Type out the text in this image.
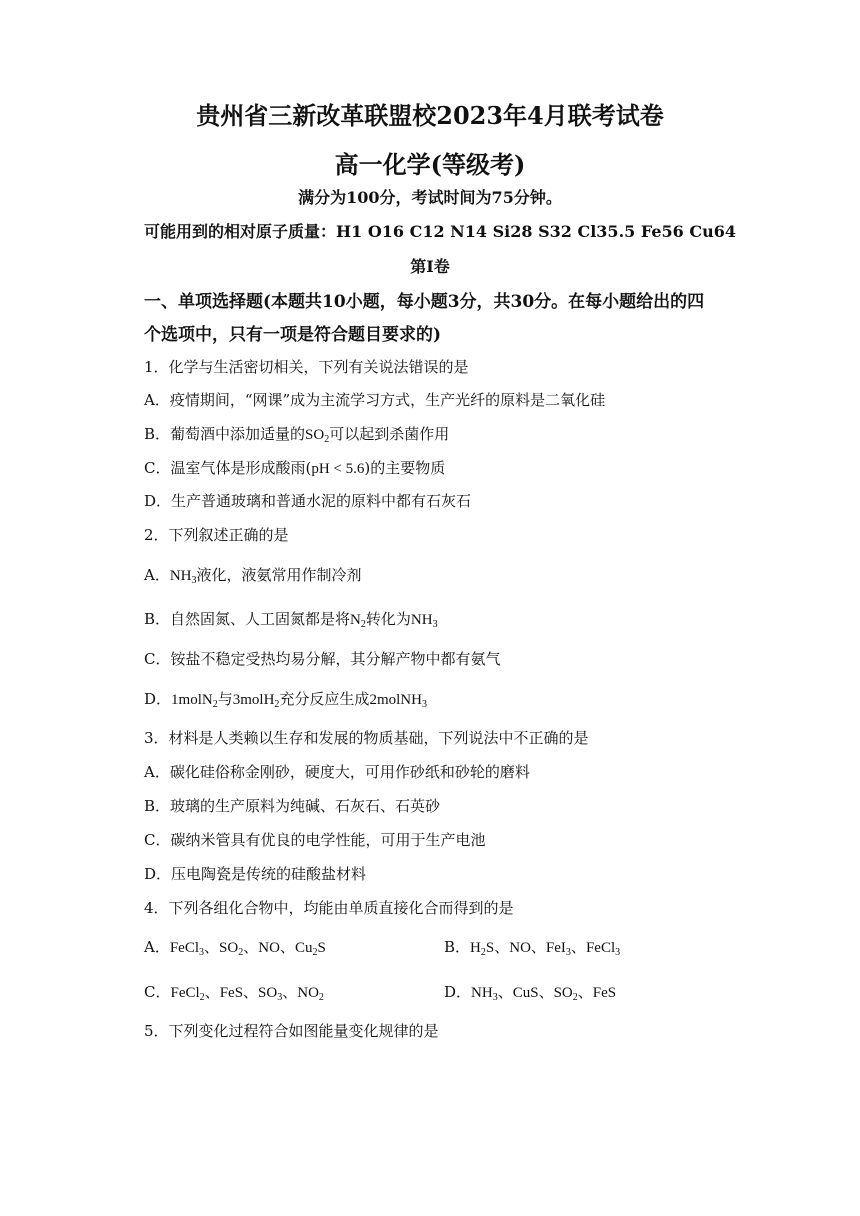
贵州省三新改革联盟校2023年4月联考试卷
高一化学(等级考)
满分为100分，考试时间为75分钟。
可能用到的相对原子质量：H1 O16 C12 N14 Si28 S32 Cl35.5 Fe56 Cu64
第I卷
一、单项选择题(本题共10小题，每小题3分，共30分。在每小题给出的四
个选项中，只有一项是符合题目要求的)
1．化学与生活密切相关，下列有关说法错误的是
A．疫情期间，“网课”成为主流学习方式，生产光纤的原料是二氧化硅
B．葡萄酒中添加适量的$SO_2$可以起到杀菌作用
C．温室气体是形成酸雨(pH < 5.6)的主要物质
D．生产普通玻璃和普通水泥的原料中都有石灰石
2．下列叙述正确的是
A．$NH_3$液化，液氨常用作制冷剂
B．自然固氮、人工固氮都是将$N_2$转化为$NH_3$
C．铵盐不稳定受热均易分解，其分解产物中都有氨气
D．1molN$_2$与3molH$_2$充分反应生成2molNH$_3$
3．材料是人类赖以生存和发展的物质基础，下列说法中不正确的是
A．碳化硅俗称金刚砂，硬度大，可用作砂纸和砂轮的磨料
B．玻璃的生产原料为纯碱、石灰石、石英砂
C．碳纳米管具有优良的电学性能，可用于生产电池
D．压电陶瓷是传统的硅酸盐材料
4．下列各组化合物中，均能由单质直接化合而得到的是
A．FeCl$_3$、$SO_2$、NO、$Cu_2S$	B．$H_2S$、NO、FeI$_3$、FeCl$_3$
C．FeCl$_2$、FeS、$SO_3$、$NO_2$	D．$NH_3$、CuS、$SO_2$、FeS
5．下列变化过程符合如图能量变化规律的是
